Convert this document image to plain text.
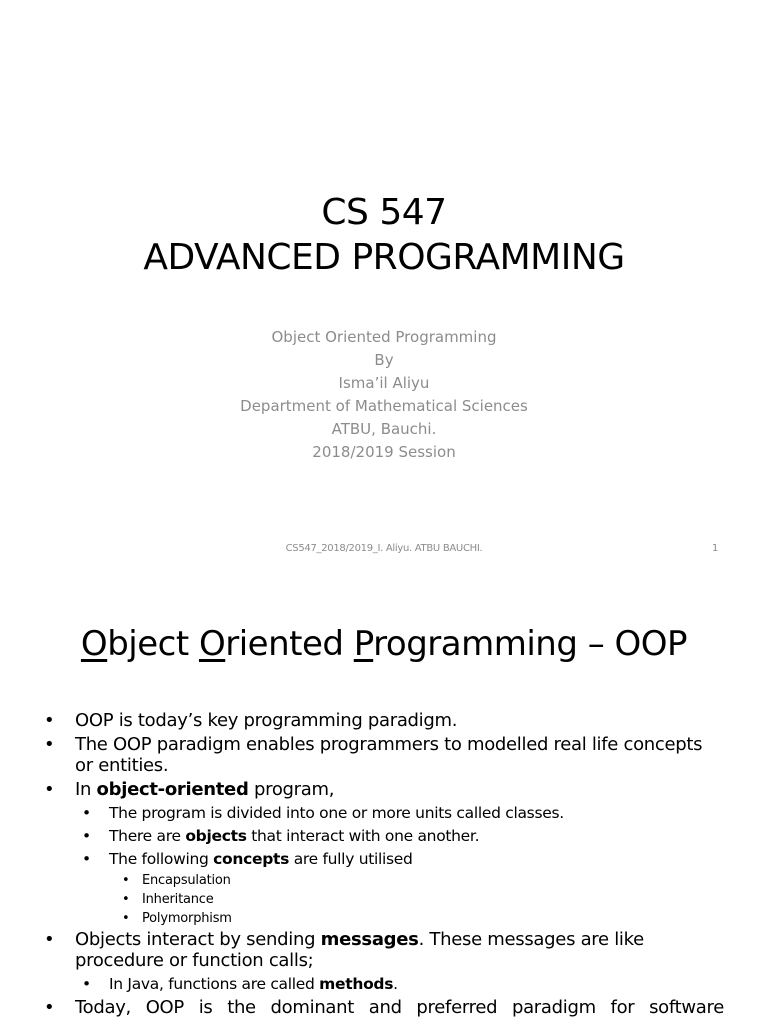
CS 547
ADVANCED PROGRAMMING
Object Oriented Programming
By
Isma’il Aliyu
Department of Mathematical Sciences
ATBU, Bauchi.
2018/2019 Session
CS547_2018/2019_I. Aliyu. ATBU BAUCHI.	1
Object Oriented Programming – OOP
• OOP is today’s key programming paradigm.
• The OOP paradigm enables programmers to modelled real life concepts or entities.
• In object-oriented program,
• The program is divided into one or more units called classes.
• There are objects that interact with one another.
• The following concepts are fully utilised
• Encapsulation
• Inheritance
• Polymorphism
• Objects interact by sending messages. These messages are like procedure or function calls;
• In Java, functions are called methods.
• Today, OOP is the dominant and preferred paradigm for software
